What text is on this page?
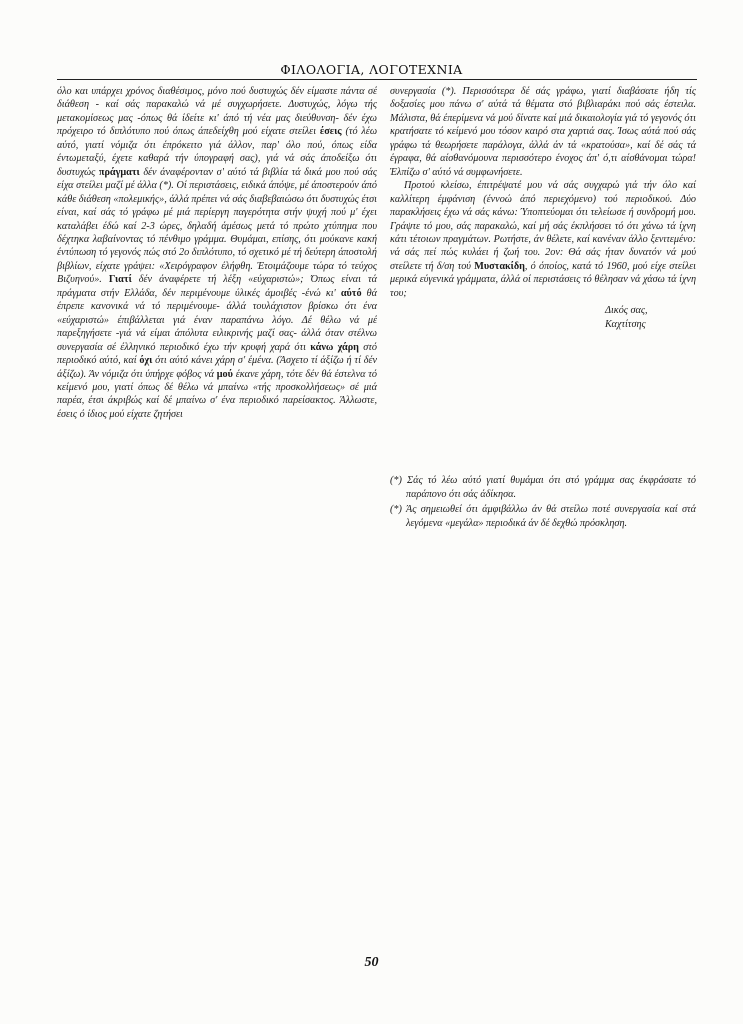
ΦΙΛΟΛΟΓΙΑ, ΛΟΓΟΤΕΧΝΙΑ

όλο και υπάρχει χρόνος διαθέσιμος, μόνο πού δυστυχώς δέν είμαστε πάντα σέ διάθεση - καί σάς παρακαλώ νά μέ συγχωρήσετε. Δυστυχώς, λόγω τής μετακομίσεως μας -όπως θά ίδείτε κι' άπό τή νέα μας διεύθυνση- δέν έχω πρόχειρο τό διπλότυπο πού όπως άπεδείχθη μού είχατε στείλει έσεις (τό λέω αύτό, γιατί νόμιζα ότι έπρόκειτο γιά άλλον, παρ' όλο πού, όπως είδα έντωμεταξύ, έχετε καθαρά τήν ύπογραφή σας), γιά νά σάς άποδείξω ότι δυστυχώς πράγματι δέν άναφέρονταν σ' αύτό τά βιβλία τά δικά μου πού σάς είχα στείλει μαζί μέ άλλα (*). Οί περιστάσεις, ειδικά άπόψε, μέ άποστερούν άπό κάθε διάθεση «πολεμικής», άλλά πρέπει νά σάς διαβεβαιώσω ότι δυστυχώς έτσι είναι, καί σάς τό γράφω μέ μιά περίεργη παγερότητα στήν ψυχή πού μ' έχει καταλάβει έδώ καί 2-3 ώρες, δηλαδή άμέσως μετά τό πρώτο χτύπημα που δέχτηκα λαβαίνοντας τό πένθιμο γράμμα. Θυμάμαι, επίσης, ότι μούκανε κακή έντύπωση τό γεγονός πώς στό 2ο διπλότυπο, τό σχετικό μέ τή δεύτερη άποστολή βιβλίων, είχατε γράψει: «Χειρόγραφον έλήφθη. Έτοιμάζουμε τώρα τό τεύχος Βιζυηνού». Γιατί δέν άναφέρετε τή λέξη «εύχαριστώ»; Όπως είναι τά πράγματα στήν Ελλάδα, δέν περιμένουμε ύλικές άμοιβές -ένώ κι' αύτό θά έπρεπε κανονικά νά τό περιμένουμε- άλλά τουλάχιστον βρίσκω ότι ένα «εύχαριστώ» έπιβάλλεται γιά έναν παραπάνω λόγο. Δέ θέλω νά μέ παρεξηγήσετε -γιά νά είμαι άπόλυτα ειλικρινής μαζί σας- άλλά όταν στέλνω συνεργασία σέ έλληνικό περιοδικό έχω τήν κρυφή χαρά ότι κάνω χάρη στό περιοδικό αύτό, καί όχι ότι αύτό κάνει χάρη σ' έμένα. (Άσχετο τί άξίζω ή τί δέν άξίζω). Άν νόμιζα ότι ύπήρχε φόβος νά μού έκανε χάρη, τότε δέν θά έστελνα τό κείμενό μου, γιατί όπως δέ θέλω νά μπαίνω «τής προσκολλήσεως» σέ μιά παρέα, έτσι άκριβώς καί δέ μπαίνω σ' ένα περιοδικό παρείσακτος. Άλλωστε, έσεις ό ίδιος μού είχατε ζητήσει

συνεργασία (*). Περισσότερα δέ σάς γράφω, γιατί διαβάσατε ήδη τίς δοξασίες μου πάνω σ' αύτά τά θέματα στό βιβλιαράκι πού σάς έστειλα. Μάλιστα, θά έπερίμενα νά μού δίνατε καί μιά δικαιολογία γιά τό γεγονός ότι κρατήσατε τό κείμενό μου τόσον καιρό στα χαρτιά σας. Ίσως αύτά πού σάς γράφω τά θεωρήσετε παράλογα, άλλά άν τά «κρατούσα», καί δέ σάς τά έγραφα, θά αίσθανόμουνα περισσότερο ένοχος άπ' ό,τι αίσθάνομαι τώρα! Έλπίζω σ' αύτό νά συμφωνήσετε.

Προτού κλείσω, έπιτρέψατέ μου νά σάς συγχαρώ γιά τήν όλο καί καλλίτερη έμφάνιση (έννοώ άπό περιεχόμενο) τού περιοδικού. Δύο παρακλήσεις έχω νά σάς κάνω: Ύποπτεύομαι ότι τελείωσε ή συνδρομή μου. Γράψτε τό μου, σάς παρακαλώ, καί μή σάς έκπλήσσει τό ότι χάνω τά ίχνη κάτι τέτοιων πραγμάτων. Ρωτήστε, άν θέλετε, καί κανέναν άλλο ξενιτεμένο: νά σάς πεί πώς κυλάει ή ζωή του. 2ον: Θά σάς ήταν δυνατόν νά μού στείλετε τή δ/ση τού Μυστακίδη, ό όποίος, κατά τό 1960, μού είχε στείλει μερικά εύγενικά γράμματα, άλλά οί περιστάσεις τό θέλησαν νά χάσω τά ίχνη του;

Δικός σας,
Καχτίτσης

(*) Σάς τό λέω αύτό γιατί θυμάμαι ότι στό γράμμα σας έκφράσατε τό παράπονο ότι σάς άδίκησα.

(*) Άς σημειωθεί ότι άμφιβάλλω άν θά στείλω ποτέ συνεργασία καί στά λεγόμενα «μεγάλα» περιοδικά άν δέ δεχθώ πρόσκληση.

50
